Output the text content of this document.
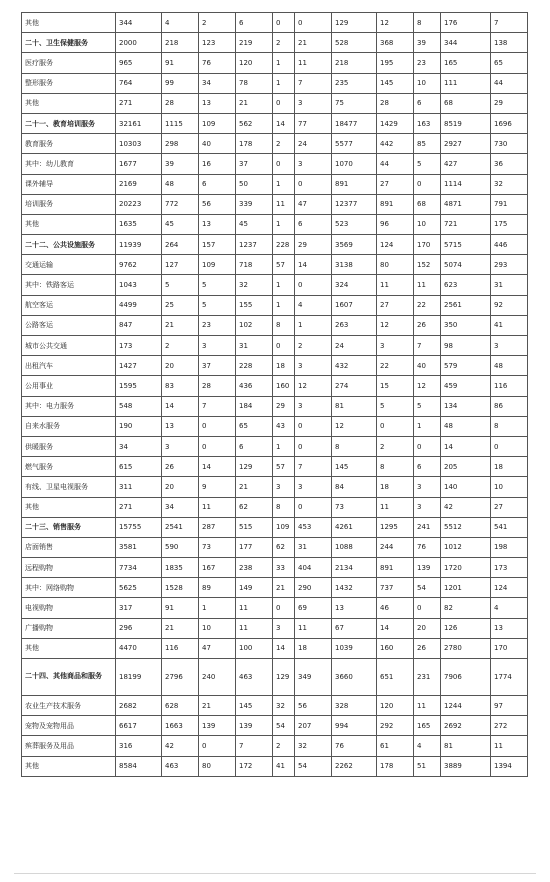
其他	344	4	2	6	0	0	129	12	8	176	7
二十、卫生保健服务	2000	218	123	219	2	21	528	368	39	344	138
医疗服务	965	91	76	120	1	11	218	195	23	165	65
整形服务	764	99	34	78	1	7	235	145	10	111	44
其他	271	28	13	21	0	3	75	28	6	68	29
二十一、教育培训服务	32161	1115	109	562	14	77	18477	1429	163	8519	1696
教育服务	10303	298	40	178	2	24	5577	442	85	2927	730
其中：幼儿教育	1677	39	16	37	0	3	1070	44	5	427	36
课外辅导	2169	48	6	50	1	0	891	27	0	1114	32
培训服务	20223	772	56	339	11	47	12377	891	68	4871	791
其他	1635	45	13	45	1	6	523	96	10	721	175
二十二、公共设施服务	11939	264	157	1237	228	29	3569	124	170	5715	446
交通运输	9762	127	109	718	57	14	3138	80	152	5074	293
其中：铁路客运	1043	5	5	32	1	0	324	11	11	623	31
航空客运	4499	25	5	155	1	4	1607	27	22	2561	92
公路客运	847	21	23	102	8	1	263	12	26	350	41
城市公共交通	173	2	3	31	0	2	24	3	7	98	3
出租汽车	1427	20	37	228	18	3	432	22	40	579	48
公用事业	1595	83	28	436	160	12	274	15	12	459	116
其中：电力服务	548	14	7	184	29	3	81	5	5	134	86
自来水服务	190	13	0	65	43	0	12	0	1	48	8
供暖服务	34	3	0	6	1	0	8	2	0	14	0
燃气服务	615	26	14	129	57	7	145	8	6	205	18
有线、卫星电视服务	311	20	9	21	3	3	84	18	3	140	10
其他	271	34	11	62	8	0	73	11	3	42	27
二十三、销售服务	15755	2541	287	515	109	453	4261	1295	241	5512	541
店面销售	3581	590	73	177	62	31	1088	244	76	1012	198
远程购物	7734	1835	167	238	33	404	2134	891	139	1720	173
其中：网络购物	5625	1528	89	149	21	290	1432	737	54	1201	124
电视购物	317	91	1	11	0	69	13	46	0	82	4
广播购物	296	21	10	11	3	11	67	14	20	126	13
其他	4470	116	47	100	14	18	1039	160	26	2780	170
二十四、其他商品和服务	18199	2796	240	463	129	349	3660	651	231	7906	1774
农业生产技术服务	2682	628	21	145	32	56	328	120	11	1244	97
宠物及宠物用品	6617	1663	139	139	54	207	994	292	165	2692	272
殡葬服务及用品	316	42	0	7	2	32	76	61	4	81	11
其他	8584	463	80	172	41	54	2262	178	51	3889	1394
